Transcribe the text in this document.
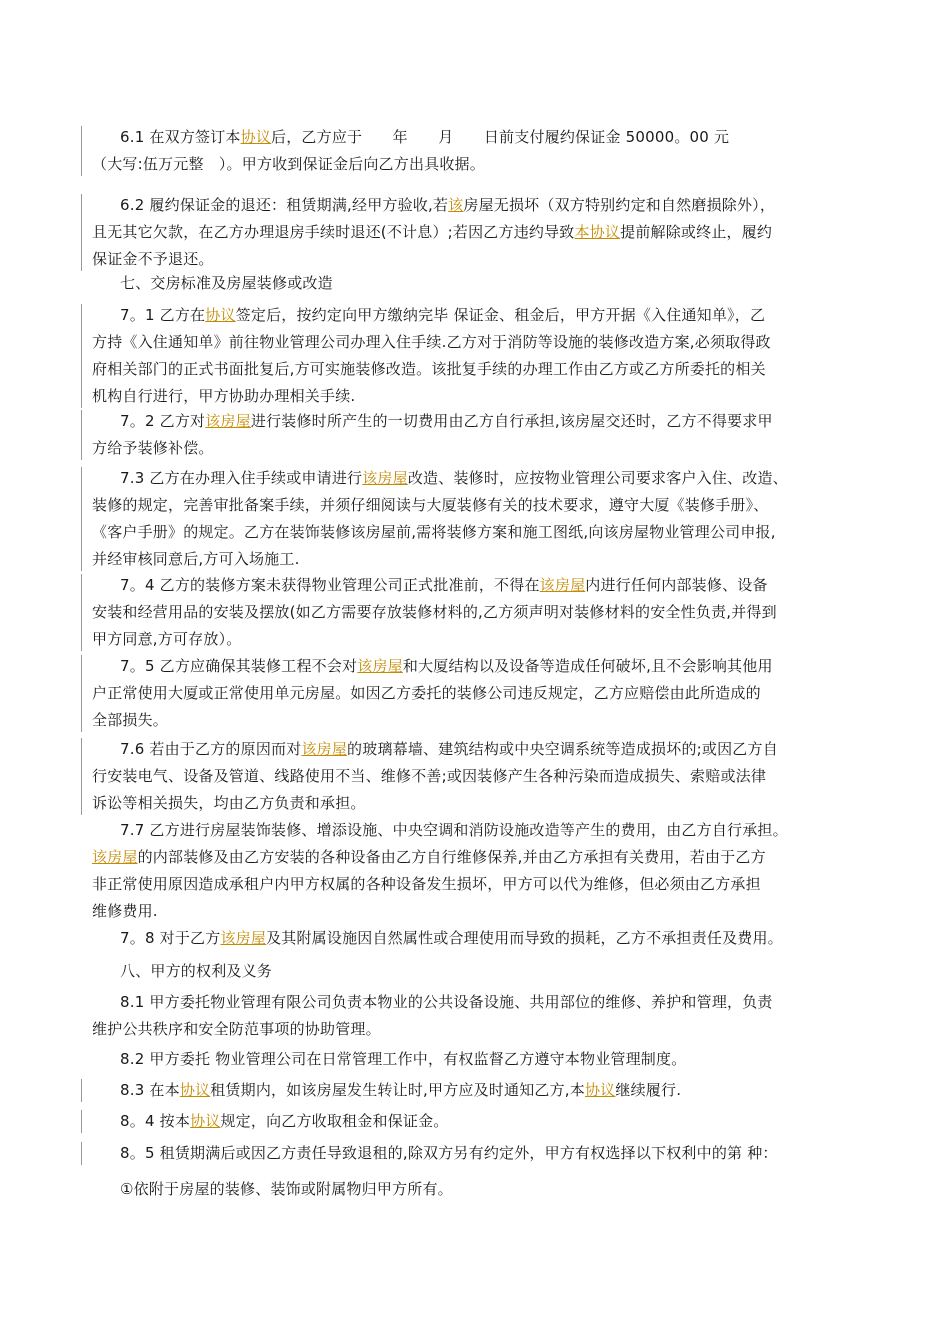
6.1 在双方签订本协议后，乙方应于　　年　　月　　日前支付履约保证金 50000。00 元
（大写:伍万元整　）。甲方收到保证金后向乙方出具收据。
6.2 履约保证金的退还：租赁期满,经甲方验收,若该房屋无损坏（双方特别约定和自然磨损除外），
且无其它欠款，在乙方办理退房手续时退还(不计息）;若因乙方违约导致本协议提前解除或终止，履约
保证金不予退还。
七、交房标准及房屋装修或改造
7。1 乙方在协议签定后，按约定向甲方缴纳完毕 保证金、租金后，甲方开据《入住通知单》，乙
方持《入住通知单》前往物业管理公司办理入住手续.乙方对于消防等设施的装修改造方案,必须取得政
府相关部门的正式书面批复后,方可实施装修改造。该批复手续的办理工作由乙方或乙方所委托的相关
机构自行进行，甲方协助办理相关手续.
7。2 乙方对该房屋进行装修时所产生的一切费用由乙方自行承担,该房屋交还时，乙方不得要求甲
方给予装修补偿。
7.3 乙方在办理入住手续或申请进行该房屋改造、装修时，应按物业管理公司要求客户入住、改造、
装修的规定，完善审批备案手续，并须仔细阅读与大厦装修有关的技术要求，遵守大厦《装修手册》、
《客户手册》的规定。乙方在装饰装修该房屋前,需将装修方案和施工图纸,向该房屋物业管理公司申报,
并经审核同意后,方可入场施工.
7。4 乙方的装修方案未获得物业管理公司正式批准前，不得在该房屋内进行任何内部装修、设备
安装和经营用品的安装及摆放(如乙方需要存放装修材料的,乙方须声明对装修材料的安全性负责,并得到
甲方同意,方可存放）。
7。5 乙方应确保其装修工程不会对该房屋和大厦结构以及设备等造成任何破坏,且不会影响其他用
户正常使用大厦或正常使用单元房屋。如因乙方委托的装修公司违反规定，乙方应赔偿由此所造成的
全部损失。
7.6 若由于乙方的原因而对该房屋的玻璃幕墙、建筑结构或中央空调系统等造成损坏的;或因乙方自
行安装电气、设备及管道、线路使用不当、维修不善;或因装修产生各种污染而造成损失、索赔或法律
诉讼等相关损失，均由乙方负责和承担。
7.7 乙方进行房屋装饰装修、增添设施、中央空调和消防设施改造等产生的费用，由乙方自行承担。
该房屋的内部装修及由乙方安装的各种设备由乙方自行维修保养,并由乙方承担有关费用，若由于乙方
非正常使用原因造成承租户内甲方权属的各种设备发生损坏，甲方可以代为维修，但必须由乙方承担
维修费用.
7。8 对于乙方该房屋及其附属设施因自然属性或合理使用而导致的损耗，乙方不承担责任及费用。
八、甲方的权利及义务
8.1 甲方委托物业管理有限公司负责本物业的公共设备设施、共用部位的维修、养护和管理，负责
维护公共秩序和安全防范事项的协助管理。
8.2 甲方委托 物业管理公司在日常管理工作中，有权监督乙方遵守本物业管理制度。
8.3 在本协议租赁期内，如该房屋发生转让时,甲方应及时通知乙方,本协议继续履行.
8。4 按本协议规定，向乙方收取租金和保证金。
8。5 租赁期满后或因乙方责任导致退租的,除双方另有约定外，甲方有权选择以下权利中的第 种：
①依附于房屋的装修、装饰或附属物归甲方所有。
